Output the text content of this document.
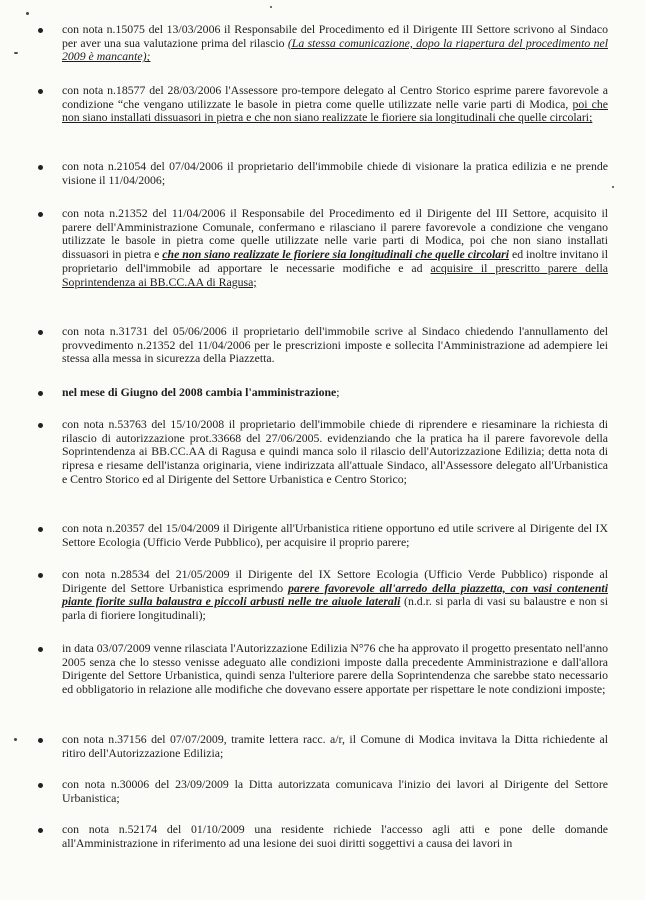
con nota n.15075 del 13/03/2006 il Responsabile del Procedimento ed il Dirigente III Settore scrivono al Sindaco per aver una sua valutazione prima del rilascio (La stessa comunicazione, dopo la riapertura del procedimento nel 2009 è mancante);
con nota n.18577 del 28/03/2006 l'Assessore pro-tempore delegato al Centro Storico esprime parere favorevole a condizione “che vengano utilizzate le basole in pietra come quelle utilizzate nelle varie parti di Modica, poi che non siano installati dissuasori in pietra e che non siano realizzate le fioriere sia longitudinali che quelle circolari;
con nota n.21054 del 07/04/2006 il proprietario dell'immobile chiede di visionare la pratica edilizia e ne prende visione il 11/04/2006;
con nota n.21352 del 11/04/2006 il Responsabile del Procedimento ed il Dirigente del III Settore, acquisito il parere dell'Amministrazione Comunale, confermano e rilasciano il parere favorevole a condizione che vengano utilizzate le basole in pietra come quelle utilizzate nelle varie parti di Modica, poi che non siano installati dissuasori in pietra e che non siano realizzate le fioriere sia longitudinali che quelle circolari ed inoltre invitano il proprietario dell'immobile ad apportare le necessarie modifiche e ad acquisire il prescritto parere della Soprintendenza ai BB.CC.AA di Ragusa;
con nota n.31731 del 05/06/2006 il proprietario dell'immobile scrive al Sindaco chiedendo l'annullamento del provvedimento n.21352 del 11/04/2006 per le prescrizioni imposte e sollecita l'Amministrazione ad adempiere lei stessa alla messa in sicurezza della Piazzetta.
nel mese di Giugno del 2008 cambia l'amministrazione;
con nota n.53763 del 15/10/2008 il proprietario dell'immobile chiede di riprendere e riesaminare la richiesta di rilascio di autorizzazione prot.33668 del 27/06/2005. evidenziando che la pratica ha il parere favorevole della Soprintendenza ai BB.CC.AA di Ragusa e quindi manca solo il rilascio dell'Autorizzazione Edilizia; detta nota di ripresa e riesame dell'istanza originaria, viene indirizzata all'attuale Sindaco, all'Assessore delegato all'Urbanistica e Centro Storico ed al Dirigente del Settore Urbanistica e Centro Storico;
con nota n.20357 del 15/04/2009 il Dirigente all'Urbanistica ritiene opportuno ed utile scrivere al Dirigente del IX Settore Ecologia (Ufficio Verde Pubblico), per acquisire il proprio parere;
con nota n.28534 del 21/05/2009 il Dirigente del IX Settore Ecologia (Ufficio Verde Pubblico) risponde al Dirigente del Settore Urbanistica esprimendo parere favorevole all'arredo della piazzetta, con vasi contenenti piante fiorite sulla balaustra e piccoli arbusti nelle tre aiuole laterali (n.d.r. si parla di vasi su balaustre e non si parla di fioriere longitudinali);
in data 03/07/2009 venne rilasciata l'Autorizzazione Edilizia N°76 che ha approvato il progetto presentato nell'anno 2005 senza che lo stesso venisse adeguato alle condizioni imposte dalla precedente Amministrazione e dall'allora Dirigente del Settore Urbanistica, quindi senza l'ulteriore parere della Soprintendenza che sarebbe stato necessario ed obbligatorio in relazione alle modifiche che dovevano essere apportate per rispettare le note condizioni imposte;
con nota n.37156 del 07/07/2009, tramite lettera racc. a/r, il Comune di Modica invitava la Ditta richiedente al ritiro dell'Autorizzazione Edilizia;
con nota n.30006 del 23/09/2009 la Ditta autorizzata comunicava l'inizio dei lavori al Dirigente del Settore Urbanistica;
con nota n.52174 del 01/10/2009 una residente richiede l'accesso agli atti e pone delle domande all'Amministrazione in riferimento ad una lesione dei suoi diritti soggettivi a causa dei lavori in
